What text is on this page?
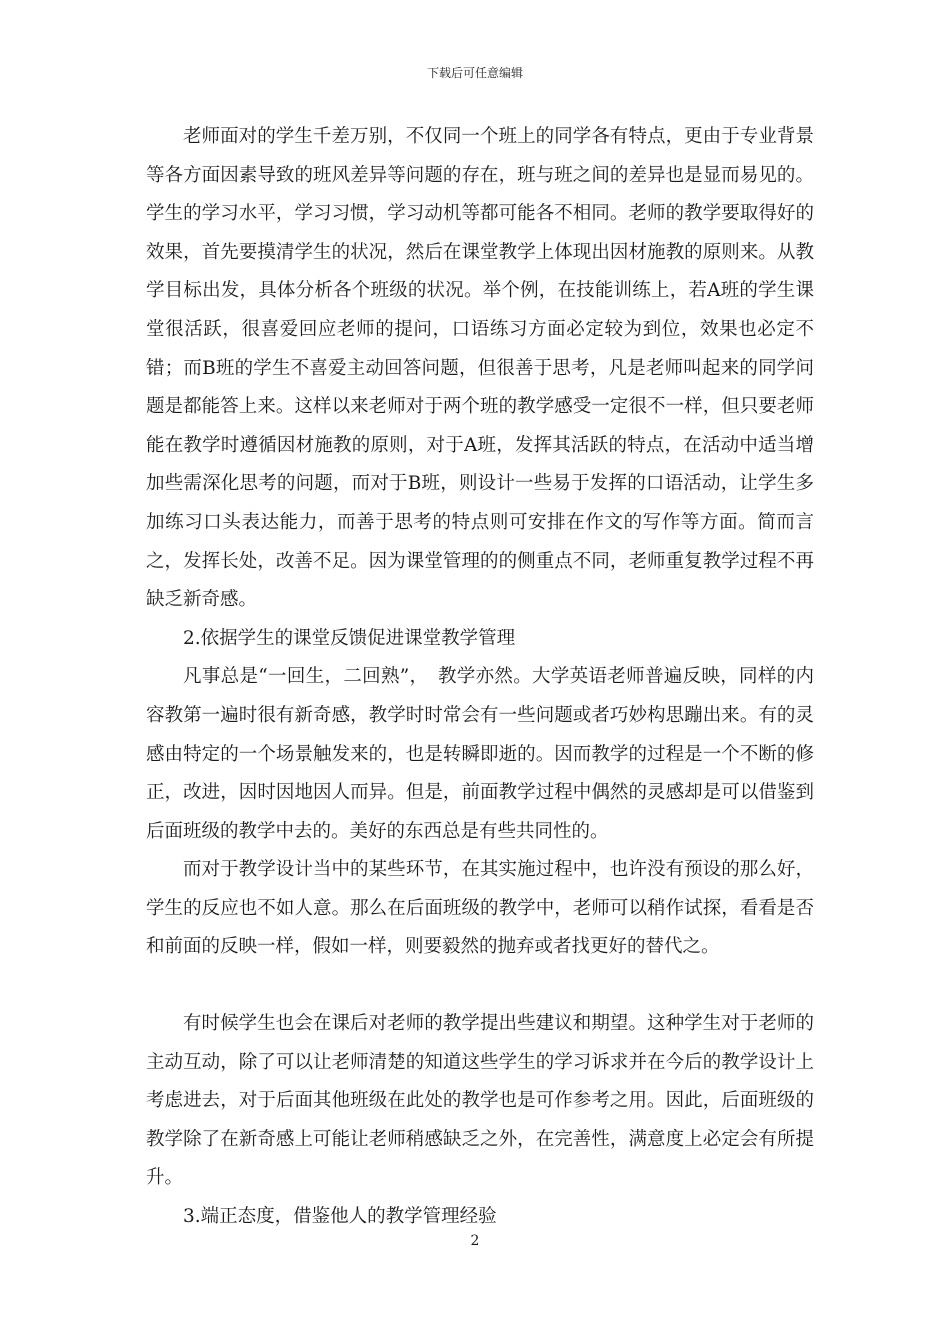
下载后可任意编辑

老师面对的学生千差万别，不仅同一个班上的同学各有特点，更由于专业背景等各方面因素导致的班风差异等问题的存在，班与班之间的差异也是显而易见的。学生的学习水平，学习习惯，学习动机等都可能各不相同。老师的教学要取得好的效果，首先要摸清学生的状况，然后在课堂教学上体现出因材施教的原则来。从教学目标出发，具体分析各个班级的状况。举个例，在技能训练上，若A班的学生课堂很活跃，很喜爱回应老师的提问，口语练习方面必定较为到位，效果也必定不错；而B班的学生不喜爱主动回答问题，但很善于思考，凡是老师叫起来的同学问题是都能答上来。这样以来老师对于两个班的教学感受一定很不一样，但只要老师能在教学时遵循因材施教的原则，对于A班，发挥其活跃的特点，在活动中适当增加些需深化思考的问题，而对于B班，则设计一些易于发挥的口语活动，让学生多加练习口头表达能力，而善于思考的特点则可安排在作文的写作等方面。简而言之，发挥长处，改善不足。因为课堂管理的的侧重点不同，老师重复教学过程不再缺乏新奇感。

2.依据学生的课堂反馈促进课堂教学管理

凡事总是“一回生，二回熟”，　教学亦然。大学英语老师普遍反映，同样的内容教第一遍时很有新奇感，教学时时常会有一些问题或者巧妙构思蹦出来。有的灵感由特定的一个场景触发来的，也是转瞬即逝的。因而教学的过程是一个不断的修正，改进，因时因地因人而异。但是，前面教学过程中偶然的灵感却是可以借鉴到后面班级的教学中去的。美好的东西总是有些共同性的。

而对于教学设计当中的某些环节，在其实施过程中，也许没有预设的那么好，学生的反应也不如人意。那么在后面班级的教学中，老师可以稍作试探，看看是否和前面的反映一样，假如一样，则要毅然的抛弃或者找更好的替代之。

有时候学生也会在课后对老师的教学提出些建议和期望。这种学生对于老师的主动互动，除了可以让老师清楚的知道这些学生的学习诉求并在今后的教学设计上考虑进去，对于后面其他班级在此处的教学也是可作参考之用。因此，后面班级的教学除了在新奇感上可能让老师稍感缺乏之外，在完善性，满意度上必定会有所提升。

3.端正态度，借鉴他人的教学管理经验

2
